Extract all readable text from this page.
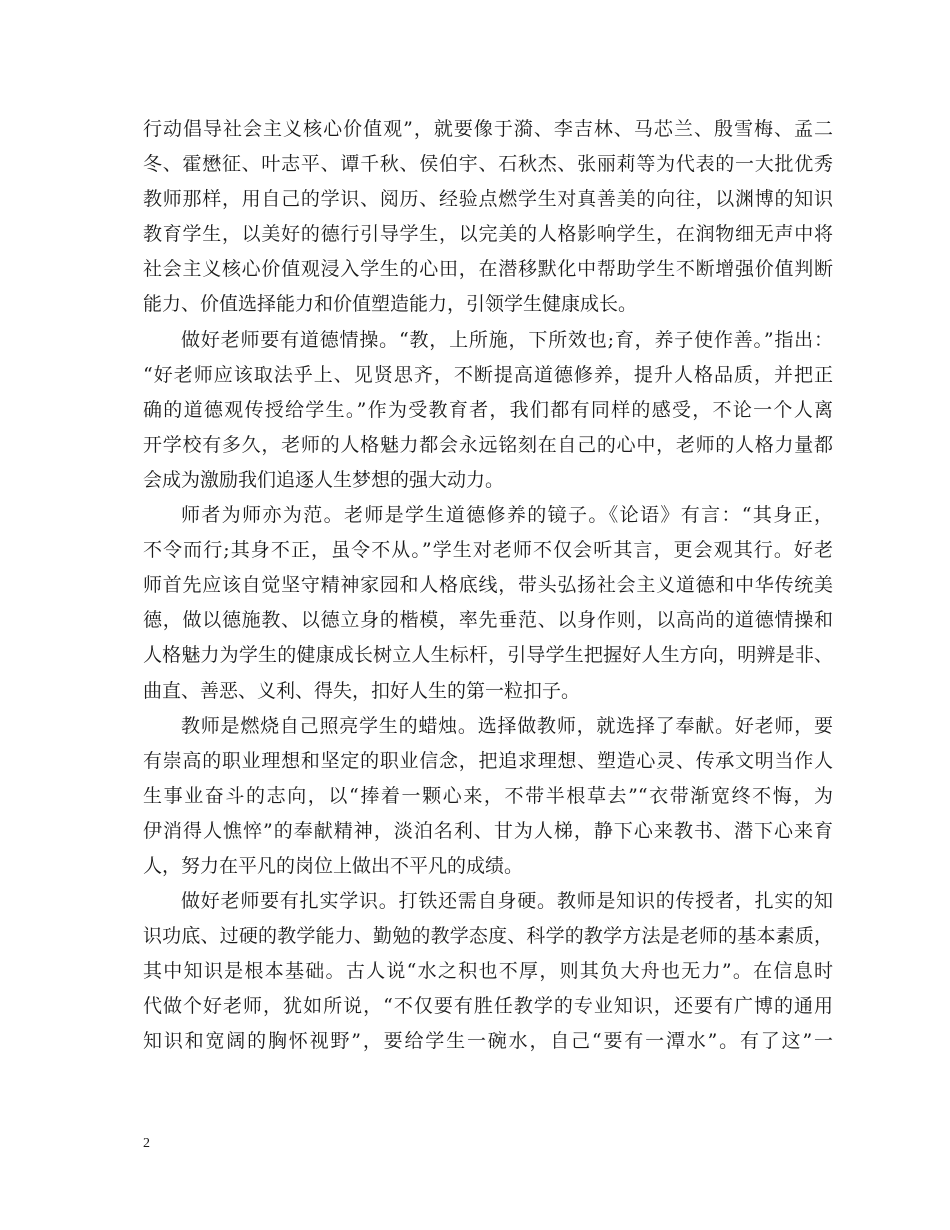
行动倡导社会主义核心价值观”，就要像于漪、李吉林、马芯兰、殷雪梅、孟二
冬、霍懋征、叶志平、谭千秋、侯伯宇、石秋杰、张丽莉等为代表的一大批优秀
教师那样，用自己的学识、阅历、经验点燃学生对真善美的向往，以渊博的知识
教育学生，以美好的德行引导学生，以完美的人格影响学生，在润物细无声中将
社会主义核心价值观浸入学生的心田，在潜移默化中帮助学生不断增强价值判断
能力、价值选择能力和价值塑造能力，引领学生健康成长。
做好老师要有道德情操。“教，上所施，下所效也;育，养子使作善。”指出：
“好老师应该取法乎上、见贤思齐，不断提高道德修养，提升人格品质，并把正
确的道德观传授给学生。”作为受教育者，我们都有同样的感受，不论一个人离
开学校有多久，老师的人格魅力都会永远铭刻在自己的心中，老师的人格力量都
会成为激励我们追逐人生梦想的强大动力。
师者为师亦为范。老师是学生道德修养的镜子。《论语》有言：“其身正，
不令而行;其身不正，虽令不从。”学生对老师不仅会听其言，更会观其行。好老
师首先应该自觉坚守精神家园和人格底线，带头弘扬社会主义道德和中华传统美
德，做以德施教、以德立身的楷模，率先垂范、以身作则，以高尚的道德情操和
人格魅力为学生的健康成长树立人生标杆，引导学生把握好人生方向，明辨是非、
曲直、善恶、义利、得失，扣好人生的第一粒扣子。
教师是燃烧自己照亮学生的蜡烛。选择做教师，就选择了奉献。好老师，要
有崇高的职业理想和坚定的职业信念，把追求理想、塑造心灵、传承文明当作人
生事业奋斗的志向，以“捧着一颗心来，不带半根草去”“衣带渐宽终不悔，为
伊消得人憔悴”的奉献精神，淡泊名利、甘为人梯，静下心来教书、潜下心来育
人，努力在平凡的岗位上做出不平凡的成绩。
做好老师要有扎实学识。打铁还需自身硬。教师是知识的传授者，扎实的知
识功底、过硬的教学能力、勤勉的教学态度、科学的教学方法是老师的基本素质，
其中知识是根本基础。古人说“水之积也不厚，则其负大舟也无力”。在信息时
代做个好老师，犹如所说，“不仅要有胜任教学的专业知识，还要有广博的通用
知识和宽阔的胸怀视野”，要给学生一碗水，自己“要有一潭水”。有了这”一
2
